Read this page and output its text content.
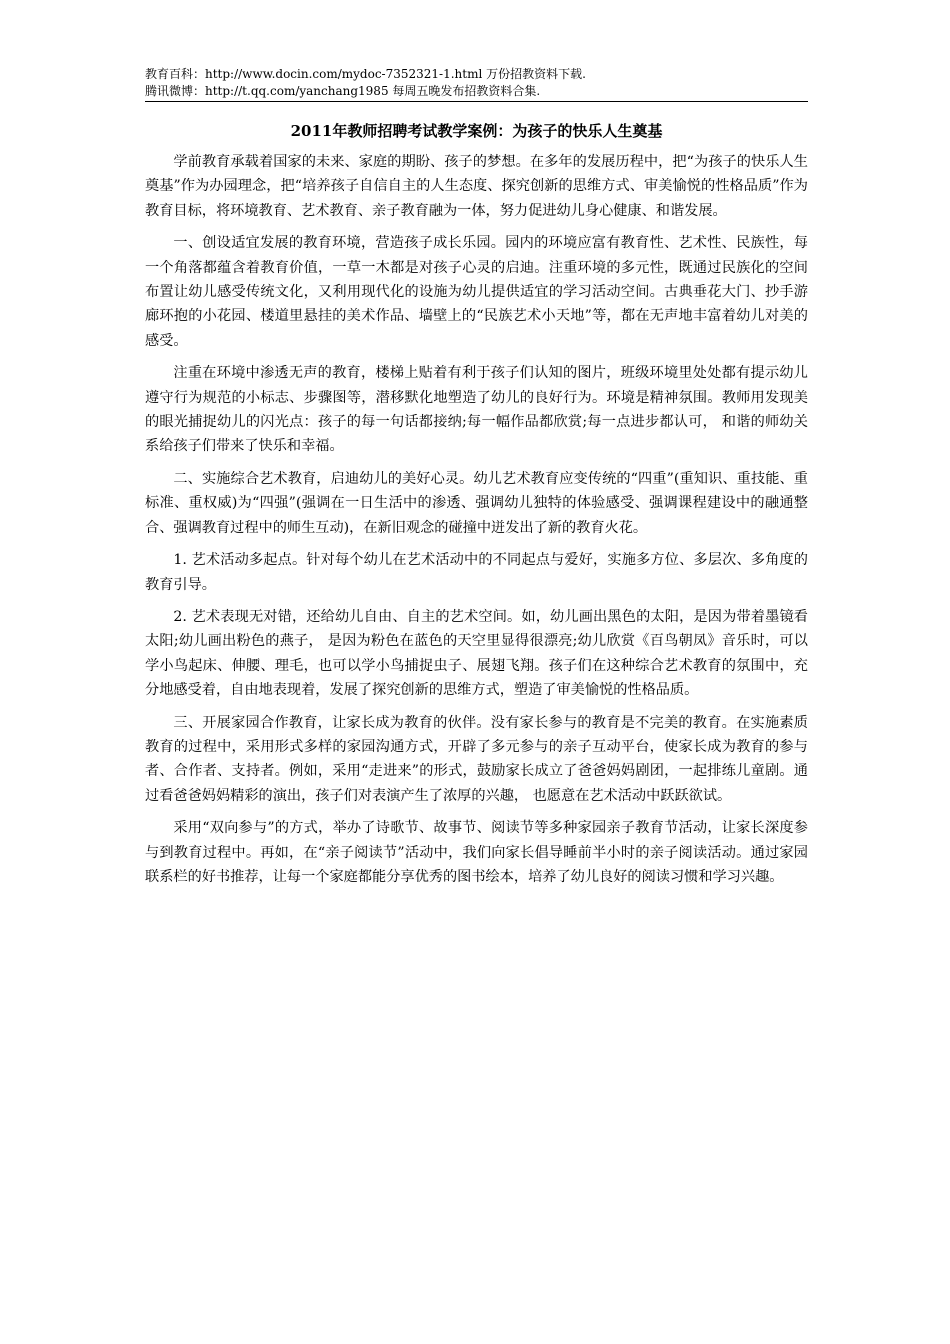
教育百科：http://www.docin.com/mydoc-7352321-1.html 万份招教资料下载.
腾讯微博：http://t.qq.com/yanchang1985 每周五晚发布招教资料合集.
2011年教师招聘考试教学案例：为孩子的快乐人生奠基

学前教育承载着国家的未来、家庭的期盼、孩子的梦想。在多年的发展历程中，把“为孩子的快乐人生奠基”作为办园理念，把“培养孩子自信自主的人生态度、探究创新的思维方式、审美愉悦的性格品质”作为教育目标，将环境教育、艺术教育、亲子教育融为一体，努力促进幼儿身心健康、和谐发展。

一、创设适宜发展的教育环境，营造孩子成长乐园。园内的环境应富有教育性、艺术性、民族性，每一个角落都蕴含着教育价值，一草一木都是对孩子心灵的启迪。注重环境的多元性，既通过民族化的空间布置让幼儿感受传统文化，又利用现代化的设施为幼儿提供适宜的学习活动空间。古典垂花大门、抄手游廊环抱的小花园、楼道里悬挂的美术作品、墙壁上的“民族艺术小天地”等，都在无声地丰富着幼儿对美的感受。

注重在环境中渗透无声的教育，楼梯上贴着有利于孩子们认知的图片，班级环境里处处都有提示幼儿遵守行为规范的小标志、步骤图等，潜移默化地塑造了幼儿的良好行为。环境是精神氛围。教师用发现美的眼光捕捉幼儿的闪光点：孩子的每一句话都接纳;每一幅作品都欣赏;每一点进步都认可， 和谐的师幼关系给孩子们带来了快乐和幸福。

二、实施综合艺术教育，启迪幼儿的美好心灵。幼儿艺术教育应变传统的“四重”(重知识、重技能、重标准、重权威)为“四强”(强调在一日生活中的渗透、强调幼儿独特的体验感受、强调课程建设中的融通整合、强调教育过程中的师生互动)，在新旧观念的碰撞中迸发出了新的教育火花。

1. 艺术活动多起点。针对每个幼儿在艺术活动中的不同起点与爱好，实施多方位、多层次、多角度的教育引导。

2. 艺术表现无对错，还给幼儿自由、自主的艺术空间。如，幼儿画出黑色的太阳，是因为带着墨镜看太阳;幼儿画出粉色的燕子， 是因为粉色在蓝色的天空里显得很漂亮;幼儿欣赏《百鸟朝凤》音乐时，可以学小鸟起床、伸腰、理毛，也可以学小鸟捕捉虫子、展翅飞翔。孩子们在这种综合艺术教育的氛围中，充分地感受着，自由地表现着，发展了探究创新的思维方式，塑造了审美愉悦的性格品质。

三、开展家园合作教育，让家长成为教育的伙伴。没有家长参与的教育是不完美的教育。在实施素质教育的过程中，采用形式多样的家园沟通方式，开辟了多元参与的亲子互动平台，使家长成为教育的参与者、合作者、支持者。例如，采用“走进来”的形式，鼓励家长成立了爸爸妈妈剧团，一起排练儿童剧。通过看爸爸妈妈精彩的演出，孩子们对表演产生了浓厚的兴趣， 也愿意在艺术活动中跃跃欲试。

采用“双向参与”的方式，举办了诗歌节、故事节、阅读节等多种家园亲子教育节活动，让家长深度参与到教育过程中。再如，在“亲子阅读节”活动中，我们向家长倡导睡前半小时的亲子阅读活动。通过家园联系栏的好书推荐，让每一个家庭都能分享优秀的图书绘本，培养了幼儿良好的阅读习惯和学习兴趣。
